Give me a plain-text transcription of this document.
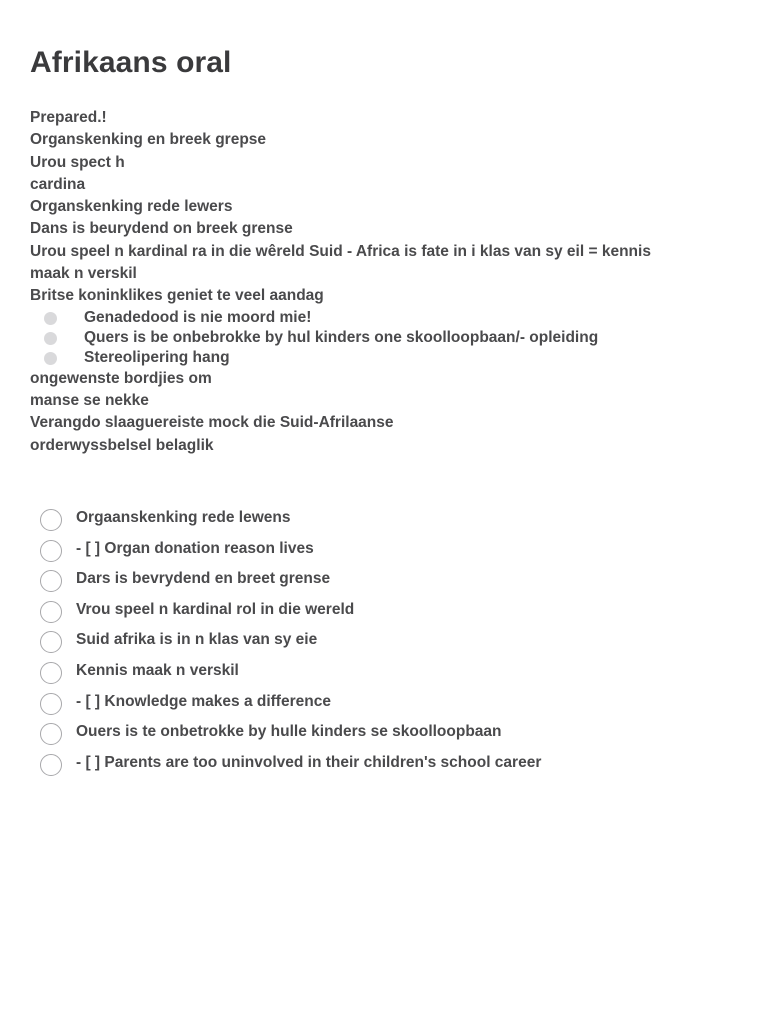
Afrikaans oral
Prepared.!
Organskenking en breek grepse
Urou spect h
cardina
Organskenking rede lewers
Dans is beurydend on breek grense
Urou speel n kardinal ra in die wêreld Suid - Africa is fate in i klas van sy eil = kennis
maak n verskil
Britse koninklikes geniet te veel aandag
Genadedood is nie moord mie!
Quers is be onbebrokke by hul kinders one skoolloopbaan/- opleiding
Stereolipering hang
ongewenste bordjies om
manse se nekke
Verangdo slaaguereiste mock die Suid-Afrilaanse
orderwyssbelsel belaglik
Orgaanskenking rede lewens
- [ ] Organ donation reason lives
Dars is bevrydend en breet grense
Vrou speel n kardinal rol in die wereld
Suid afrika is in n klas van sy eie
Kennis maak n verskil
- [ ] Knowledge makes a difference
Ouers is te onbetrokke by hulle kinders se skoolloopbaan
- [ ] Parents are too uninvolved in their children's school career
